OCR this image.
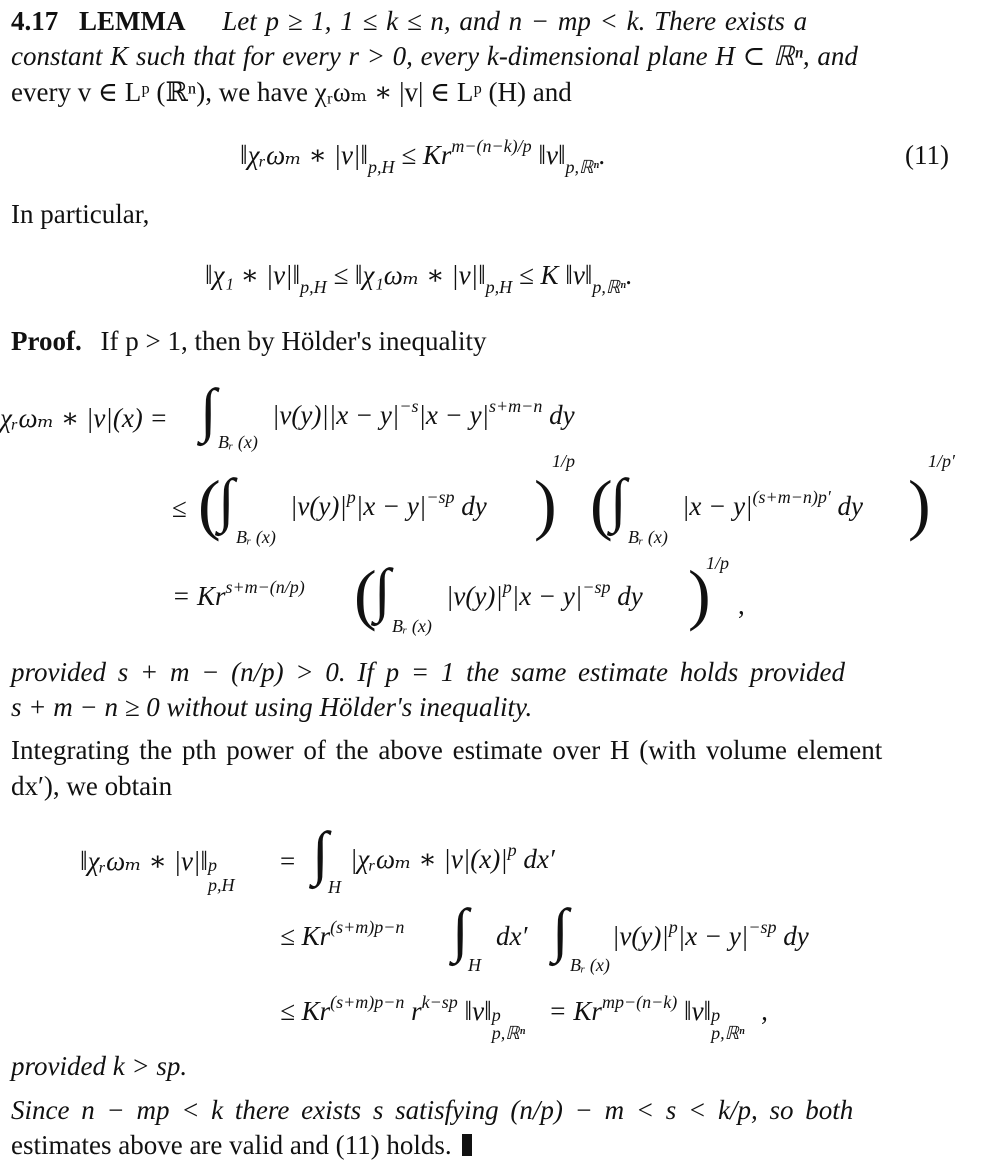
4.17 LEMMA Let p ≥ 1, 1 ≤ k ≤ n, and n − mp < k. There exists a
constant K such that for every r > 0, every k-dimensional plane H ⊂ ℝⁿ, and
every v ∈ Lᵖ (ℝⁿ), we have χᵣωₘ ∗ |v| ∈ Lᵖ (H) and
‖χᵣωₘ ∗ $|v|‖_{p,H} \le Kr^{m-(n-k)/p}$ $‖v‖_{p,ℝ^n}$.	(11)
In particular,
‖χ₁ ∗ $|v|‖_{p,H}$ ≤ ‖χ₁ωₘ ∗ $|v|‖_{p,H} \le K$ $‖v‖_{p,ℝ^n}$.
Proof. If p > 1, then by Hölder's inequality
χᵣωₘ ∗ |v|(x) = ∫ Bᵣ (x)
$|v(y)||x - y|^{-s}|x - y|^{s+m-n}$ dy
≤ (
∫
Bᵣ (x)
$|v(y)|^p|x - y|^{-sp}$ dy )
1/p
(
∫
Bᵣ (x)
$|x - y|^{(s+m-n)p'}$ dy )
1/p′
= $Kr^{s+m-(n/p)}$ (
∫
Bᵣ (x)
$|v(y)|^p|x - y|^{-sp}$ dy )
1/p
,
provided s + m − (n/p) > 0. If p = 1 the same estimate holds provided
s + m − n ≥ 0 without using Hölder's inequality.
Integrating the pth power of the above estimate over H (with volume element
dx′), we obtain
‖χᵣωₘ ∗ |v|‖ p
p,H
= ∫
H
|χᵣωₘ ∗ $|v|(x)|^p$ dx′
≤ $Kr^{(s+m)p-n}$ ∫
H
dx′ ∫
Bᵣ (x)
$|v(y)|^p|x - y|^{-sp}$ dy
≤ $Kr^{(s+m)p-n}$ $r^{k-sp}$ ‖v‖ p
p,ℝⁿ
= $Kr^{mp-(n-k)}$ ‖v‖ p
p,ℝⁿ
,
provided k > sp.
Since n − mp < k there exists s satisfying (n/p) − m < s < k/p, so both
estimates above are valid and (11) holds.
